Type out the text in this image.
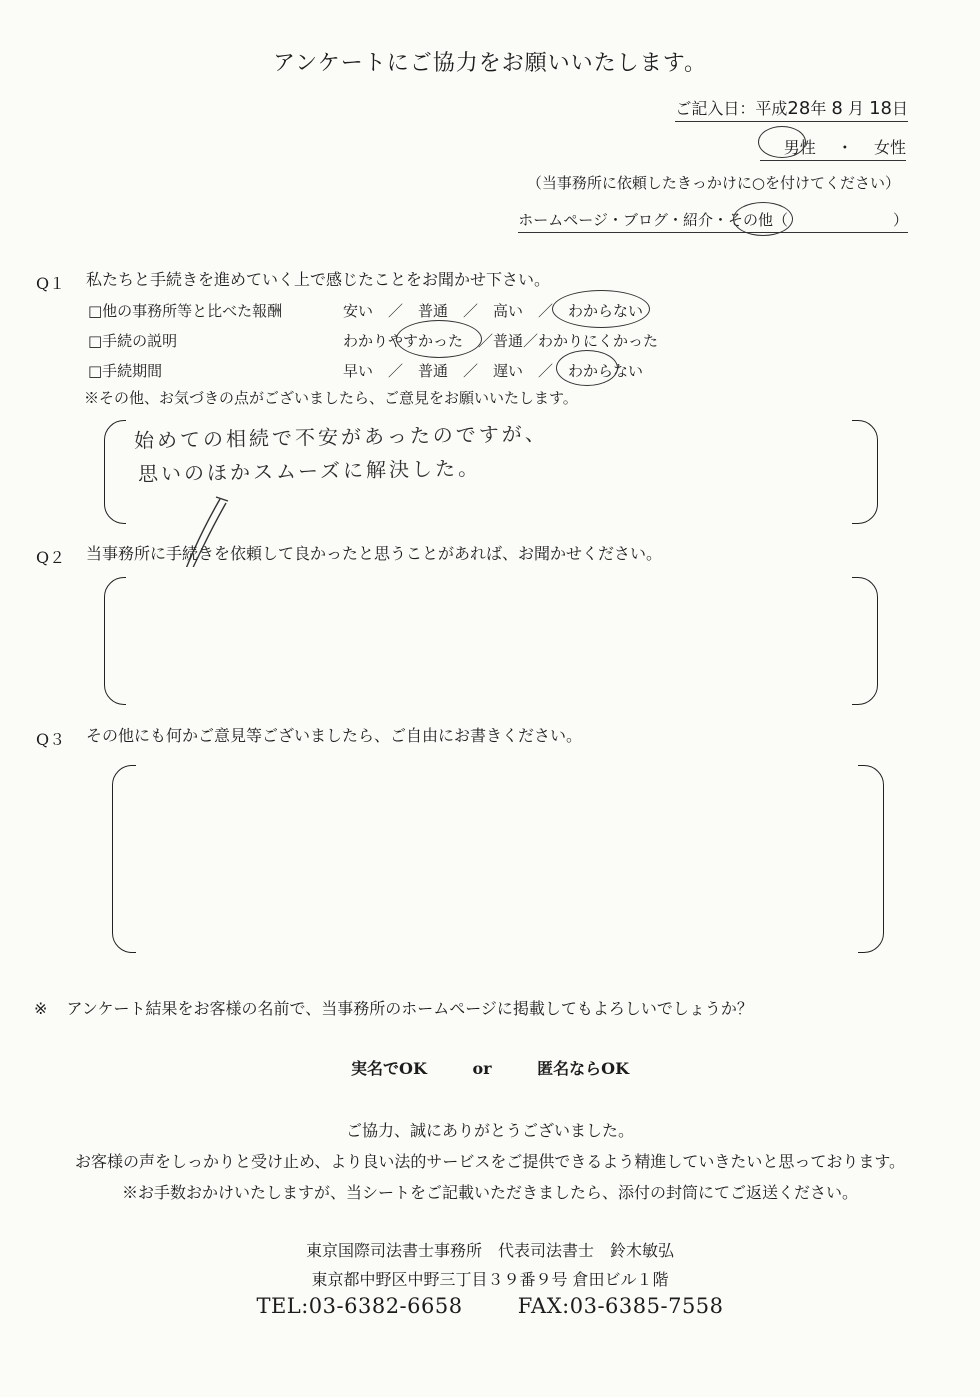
アンケートにご協力をお願いいたします。
ご記入日：平成28年 8 月 18日
男性 ・ 女性
（当事務所に依頼したきっかけに○を付けてください）
ホームページ・ブログ・紹介・その他（　　　　　　　）
Q１ 私たちと手続きを進めていく上で感じたことをお聞かせ下さい。
□他の事務所等と比べた報酬	安い　／　普通　／　高い　／　わからない
□手続の説明	わかりやすかった　／普通／わかりにくかった
□手続期間	早い　／　普通　／　遅い　／　わからない
※その他、お気づきの点がございましたら、ご意見をお願いいたします。
始めての相続で不安があったのですが、
思いのほかスムーズに解決した。
Q２ 当事務所に手続きを依頼して良かったと思うことがあれば、お聞かせください。
Q３ その他にも何かご意見等ございましたら、ご自由にお書きください。
※ アンケート結果をお客様の名前で、当事務所のホームページに掲載してもよろしいでしょうか？
実名でOK	or	匿名ならOK
ご協力、誠にありがとうございました。
お客様の声をしっかりと受け止め、より良い法的サービスをご提供できるよう精進していきたいと思っております。
※お手数おかけいたしますが、当シートをご記載いただきましたら、添付の封筒にてご返送ください。
東京国際司法書士事務所　代表司法書士　鈴木敏弘
東京都中野区中野三丁目３９番９号 倉田ビル１階
TEL:03-6382-6658	FAX:03-6385-7558
